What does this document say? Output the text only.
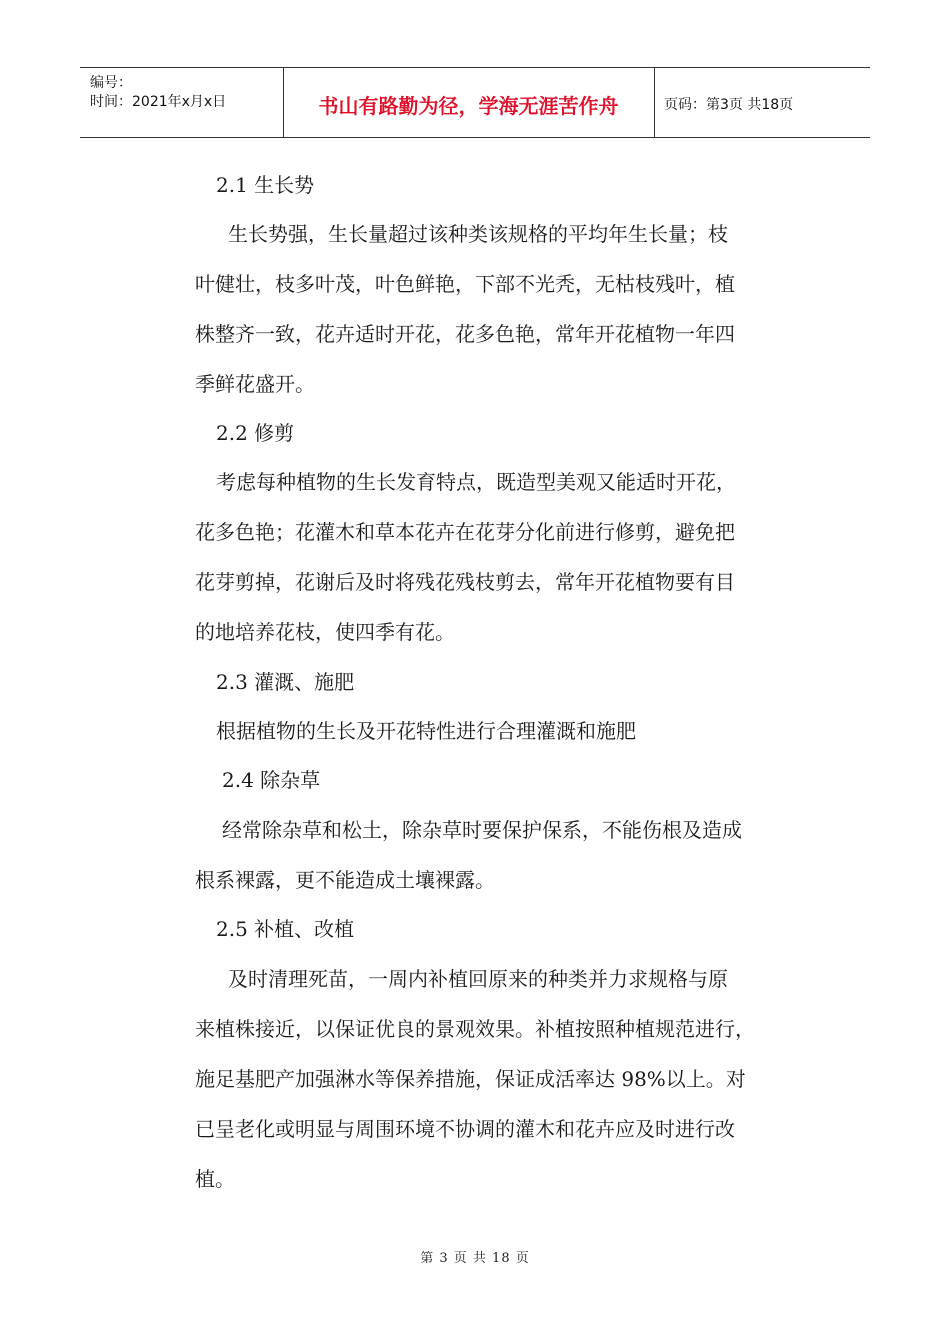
编号：
时间：2021年x月x日	书山有路勤为径，学海无涯苦作舟	页码：第3页 共18页
2.1 生长势
生长势强，生长量超过该种类该规格的平均年生长量；枝
叶健壮，枝多叶茂，叶色鲜艳，下部不光秃，无枯枝残叶，植
株整齐一致，花卉适时开花，花多色艳，常年开花植物一年四
季鲜花盛开。
2.2 修剪
考虑每种植物的生长发育特点，既造型美观又能适时开花，
花多色艳；花灌木和草本花卉在花芽分化前进行修剪，避免把
花芽剪掉，花谢后及时将残花残枝剪去，常年开花植物要有目
的地培养花枝，使四季有花。
2.3 灌溉、施肥
根据植物的生长及开花特性进行合理灌溉和施肥
2.4 除杂草
经常除杂草和松土，除杂草时要保护保系，不能伤根及造成
根系裸露，更不能造成土壤裸露。
2.5 补植、改植
及时清理死苗，一周内补植回原来的种类并力求规格与原
来植株接近，以保证优良的景观效果。补植按照种植规范进行，
施足基肥产加强淋水等保养措施，保证成活率达 98%以上。对
已呈老化或明显与周围环境不协调的灌木和花卉应及时进行改
植。
第 3 页 共 18 页
